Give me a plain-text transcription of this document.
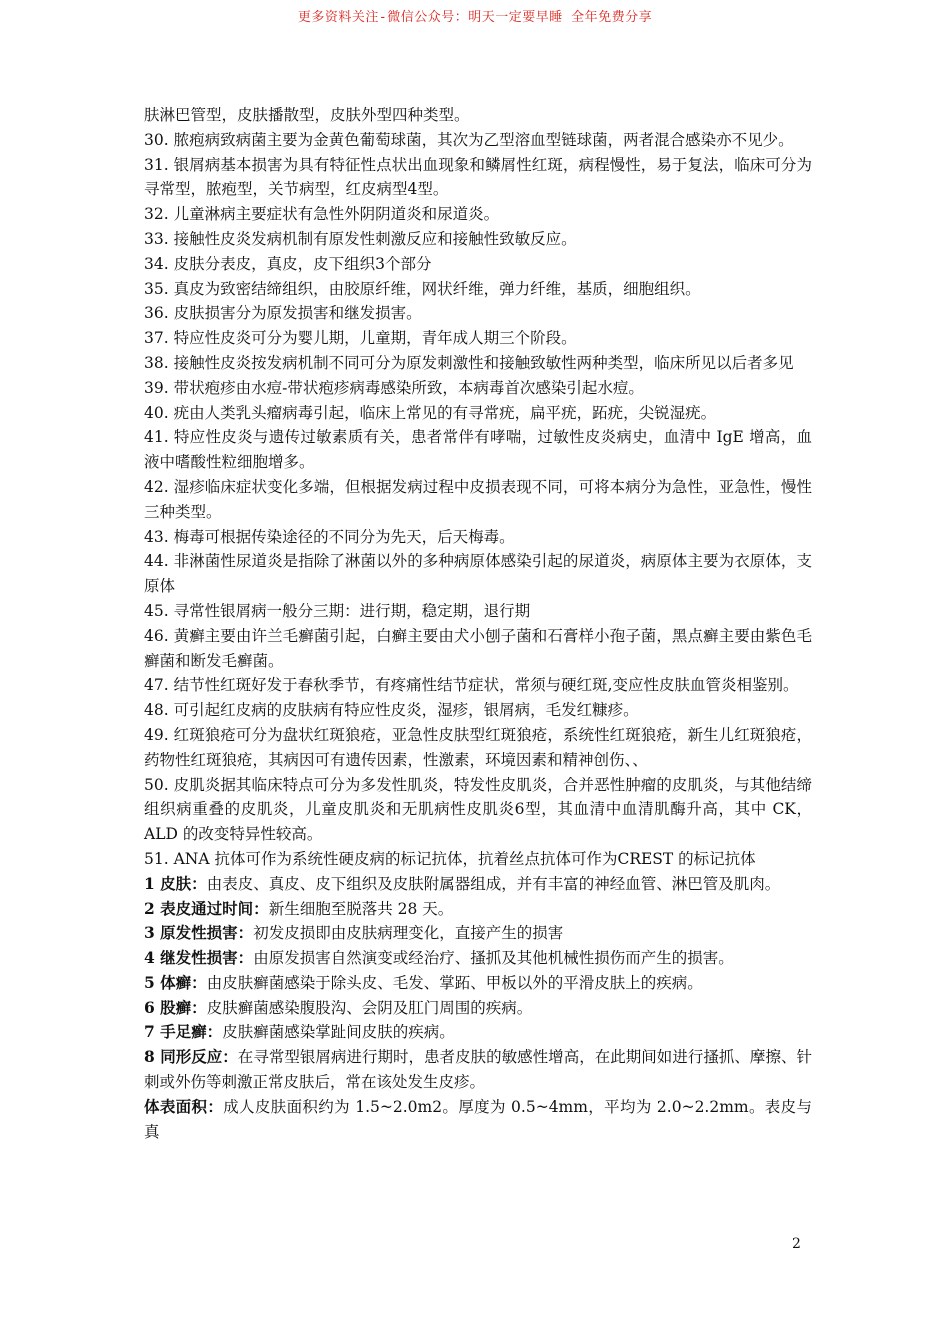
更多资料关注-微信公众号：明天一定要早睡 全年免费分享

肤淋巴管型，皮肤播散型，皮肤外型四种类型。

30. 脓疱病致病菌主要为金黄色葡萄球菌，其次为乙型溶血型链球菌，两者混合感染亦不见少。

31. 银屑病基本损害为具有特征性点状出血现象和鳞屑性红斑，病程慢性，易于复法，临床可分为寻常型，脓疱型，关节病型，红皮病型4型。

32. 儿童淋病主要症状有急性外阴阴道炎和尿道炎。

33. 接触性皮炎发病机制有原发性刺激反应和接触性致敏反应。

34. 皮肤分表皮，真皮，皮下组织3个部分

35. 真皮为致密结缔组织，由胶原纤维，网状纤维，弹力纤维，基质，细胞组织。

36. 皮肤损害分为原发损害和继发损害。

37. 特应性皮炎可分为婴儿期，儿童期，青年成人期三个阶段。

38. 接触性皮炎按发病机制不同可分为原发刺激性和接触致敏性两种类型，临床所见以后者多见

39. 带状疱疹由水痘-带状疱疹病毒感染所致，本病毒首次感染引起水痘。

40. 疣由人类乳头瘤病毒引起，临床上常见的有寻常疣，扁平疣，跖疣，尖锐湿疣。

41. 特应性皮炎与遗传过敏素质有关，患者常伴有哮喘，过敏性皮炎病史，血清中 IgE 增高，血液中嗜酸性粒细胞增多。

42. 湿疹临床症状变化多端，但根据发病过程中皮损表现不同，可将本病分为急性，亚急性，慢性三种类型。

43. 梅毒可根据传染途径的不同分为先天，后天梅毒。

44. 非淋菌性尿道炎是指除了淋菌以外的多种病原体感染引起的尿道炎，病原体主要为衣原体，支原体

45. 寻常性银屑病一般分三期：进行期，稳定期，退行期

46. 黄癣主要由许兰毛癣菌引起，白癣主要由犬小刨子菌和石膏样小孢子菌，黑点癣主要由紫色毛癣菌和断发毛癣菌。

47. 结节性红斑好发于春秋季节，有疼痛性结节症状，常须与硬红斑,变应性皮肤血管炎相鉴别。

48. 可引起红皮病的皮肤病有特应性皮炎，湿疹，银屑病，毛发红糠疹。

49. 红斑狼疮可分为盘状红斑狼疮，亚急性皮肤型红斑狼疮，系统性红斑狼疮，新生儿红斑狼疮，药物性红斑狼疮，其病因可有遗传因素，性激素，环境因素和精神创伤、、

50. 皮肌炎据其临床特点可分为多发性肌炎，特发性皮肌炎，合并恶性肿瘤的皮肌炎，与其他结缔组织病重叠的皮肌炎，儿童皮肌炎和无肌病性皮肌炎6型，其血清中血清肌酶升高，其中 CK，ALD 的改变特异性较高。

51. ANA 抗体可作为系统性硬皮病的标记抗体，抗着丝点抗体可作为CREST 的标记抗体

1 皮肤：由表皮、真皮、皮下组织及皮肤附属器组成，并有丰富的神经血管、淋巴管及肌肉。

2 表皮通过时间：新生细胞至脱落共 28 天。

3 原发性损害：初发皮损即由皮肤病理变化，直接产生的损害

4 继发性损害：由原发损害自然演变或经治疗、搔抓及其他机械性损伤而产生的损害。

5 体癣：由皮肤癣菌感染于除头皮、毛发、掌跖、甲板以外的平滑皮肤上的疾病。

6 股癣：皮肤癣菌感染腹股沟、会阴及肛门周围的疾病。

7 手足癣：皮肤癣菌感染掌趾间皮肤的疾病。

8 同形反应：在寻常型银屑病进行期时，患者皮肤的敏感性增高，在此期间如进行搔抓、摩擦、针刺或外伤等刺激正常皮肤后，常在该处发生皮疹。

体表面积：成人皮肤面积约为 1.5~2.0m2。厚度为 0.5~4mm，平均为 2.0~2.2mm。表皮与真

2
